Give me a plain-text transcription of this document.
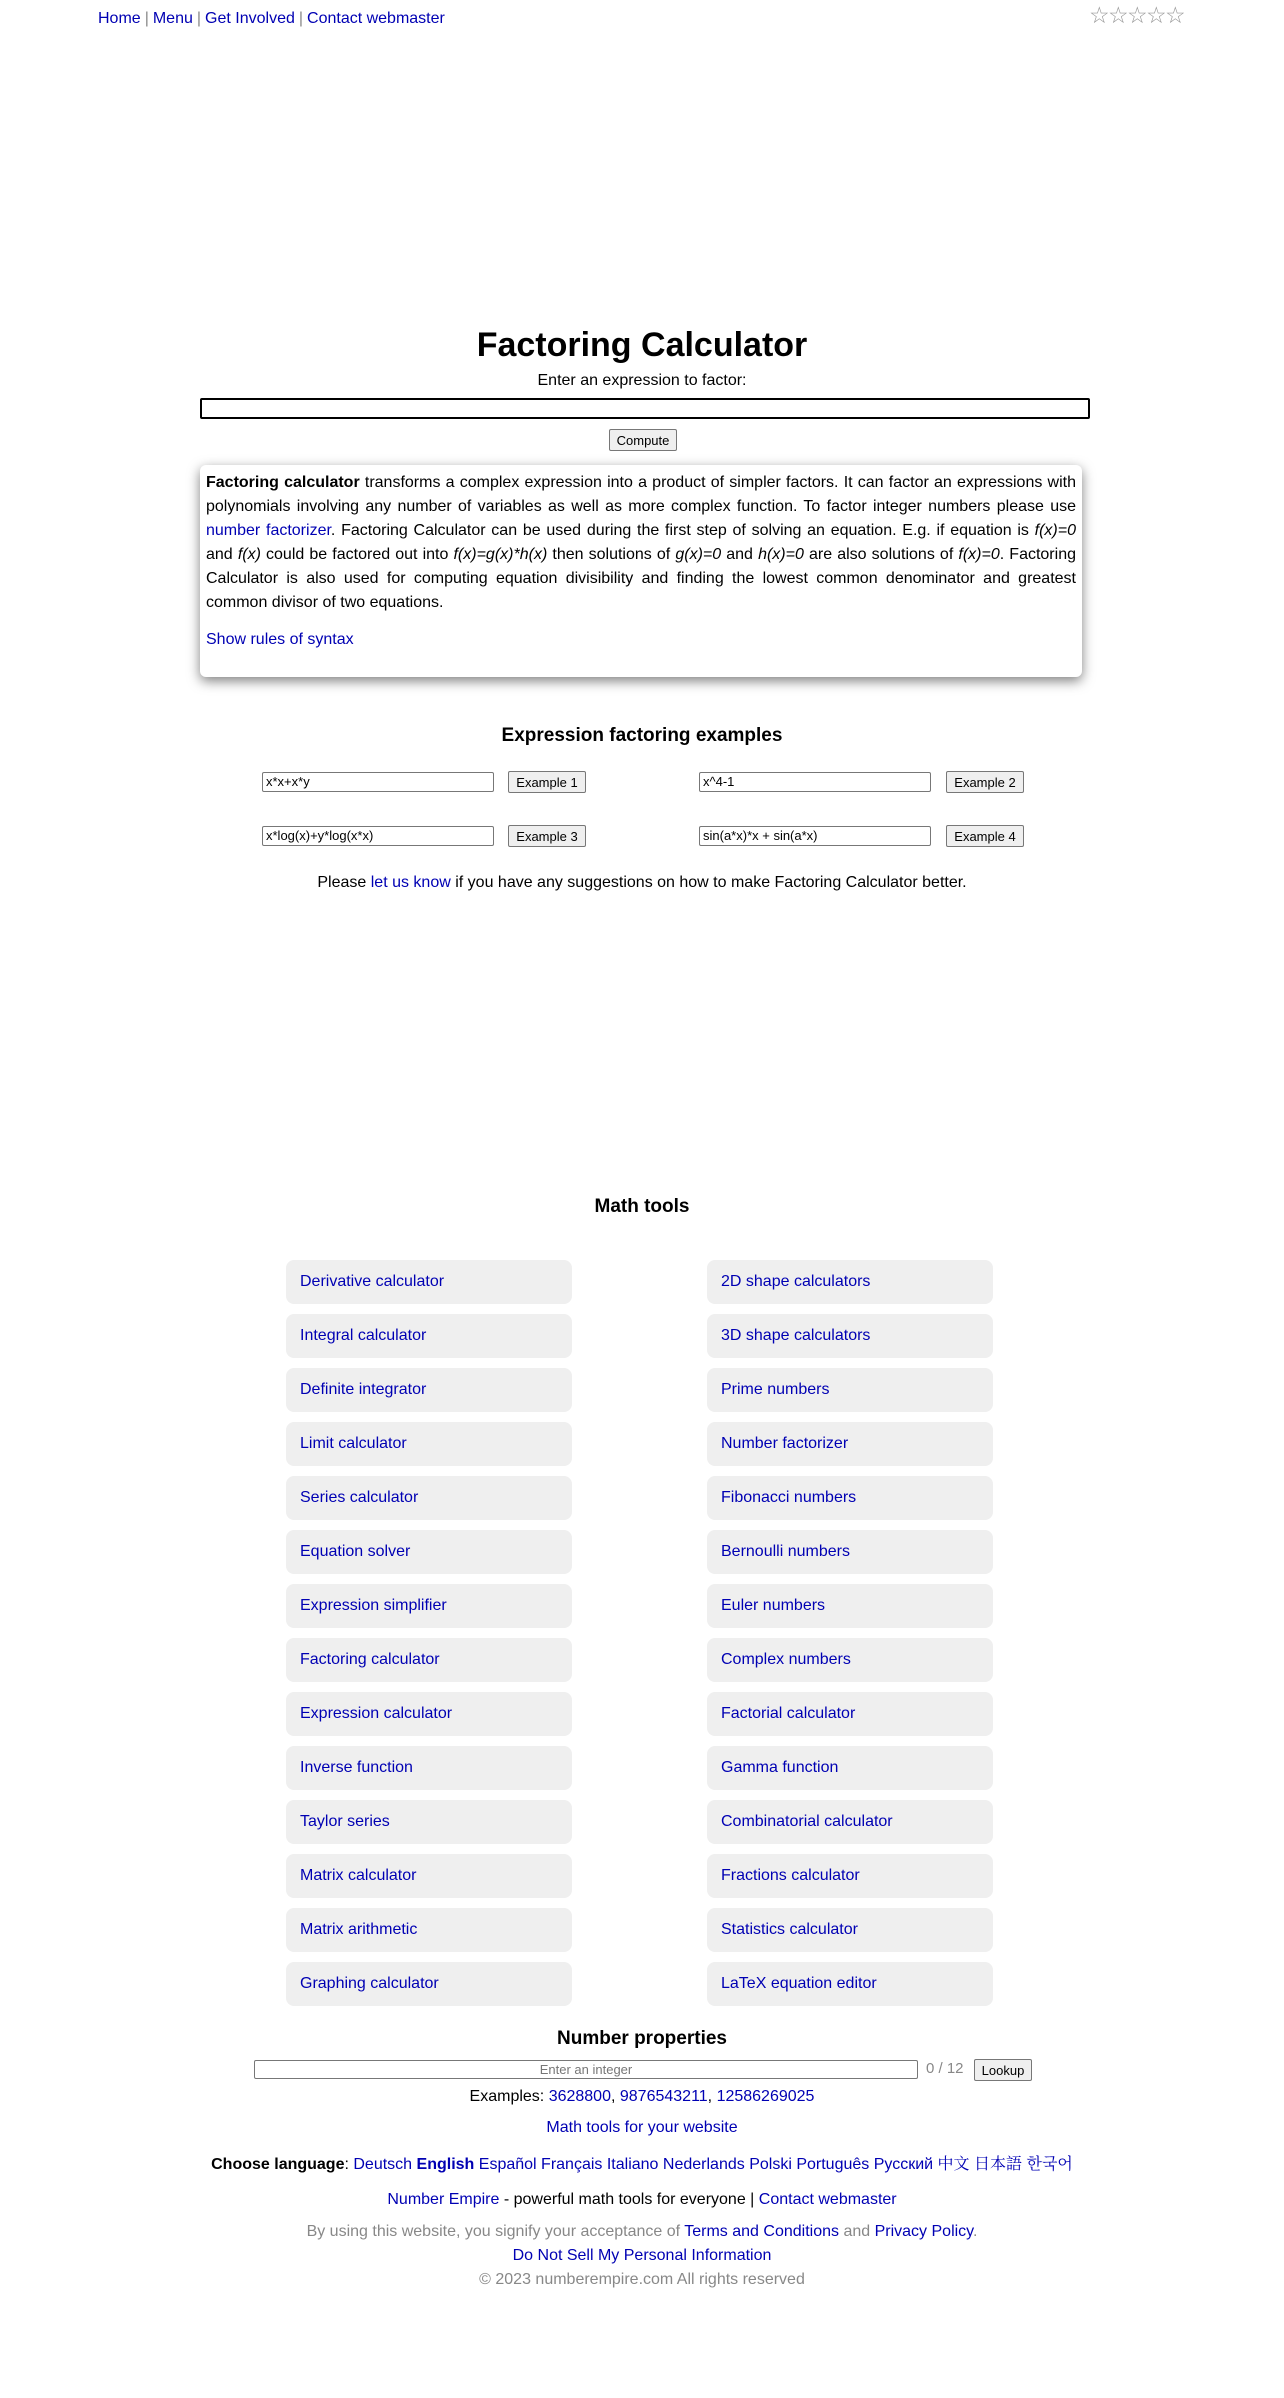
Home | Menu | Get Involved | Contact webmaster	☆☆☆☆☆
Factoring Calculator
Enter an expression to factor:
Compute

Factoring calculator transforms a complex expression into a product of simpler factors. It can factor an expressions with polynomials involving any number of variables as well as more complex function. To factor integer numbers please use number factorizer. Factoring Calculator can be used during the first step of solving an equation. E.g. if equation is f(x)=0 and f(x) could be factored out into f(x)=g(x)*h(x) then solutions of g(x)=0 and h(x)=0 are also solutions of f(x)=0. Factoring Calculator is also used for computing equation divisibility and finding the lowest common denominator and greatest common divisor of two equations.

Show rules of syntax
Expression factoring examples
x*x+x*y	Example 1	x^4-1	Example 2
x*log(x)+y*log(x*x)	Example 3	sin(a*x)*x + sin(a*x)	Example 4
Please let us know if you have any suggestions on how to make Factoring Calculator better.
Math tools
Derivative calculator
Integral calculator
Definite integrator
Limit calculator
Series calculator
Equation solver
Expression simplifier
Factoring calculator
Expression calculator
Inverse function
Taylor series
Matrix calculator
Matrix arithmetic
Graphing calculator
2D shape calculators
3D shape calculators
Prime numbers
Number factorizer
Fibonacci numbers
Bernoulli numbers
Euler numbers
Complex numbers
Factorial calculator
Gamma function
Combinatorial calculator
Fractions calculator
Statistics calculator
LaTeX equation editor
Number properties
Enter an integer	0 / 12	Lookup
Examples: 3628800, 9876543211, 12586269025
Math tools for your website
Choose language: Deutsch English Español Français Italiano Nederlands Polski Português Русский 中文 日本語 한국어
Number Empire - powerful math tools for everyone | Contact webmaster
By using this website, you signify your acceptance of Terms and Conditions and Privacy Policy.
Do Not Sell My Personal Information
© 2023 numberempire.com All rights reserved
